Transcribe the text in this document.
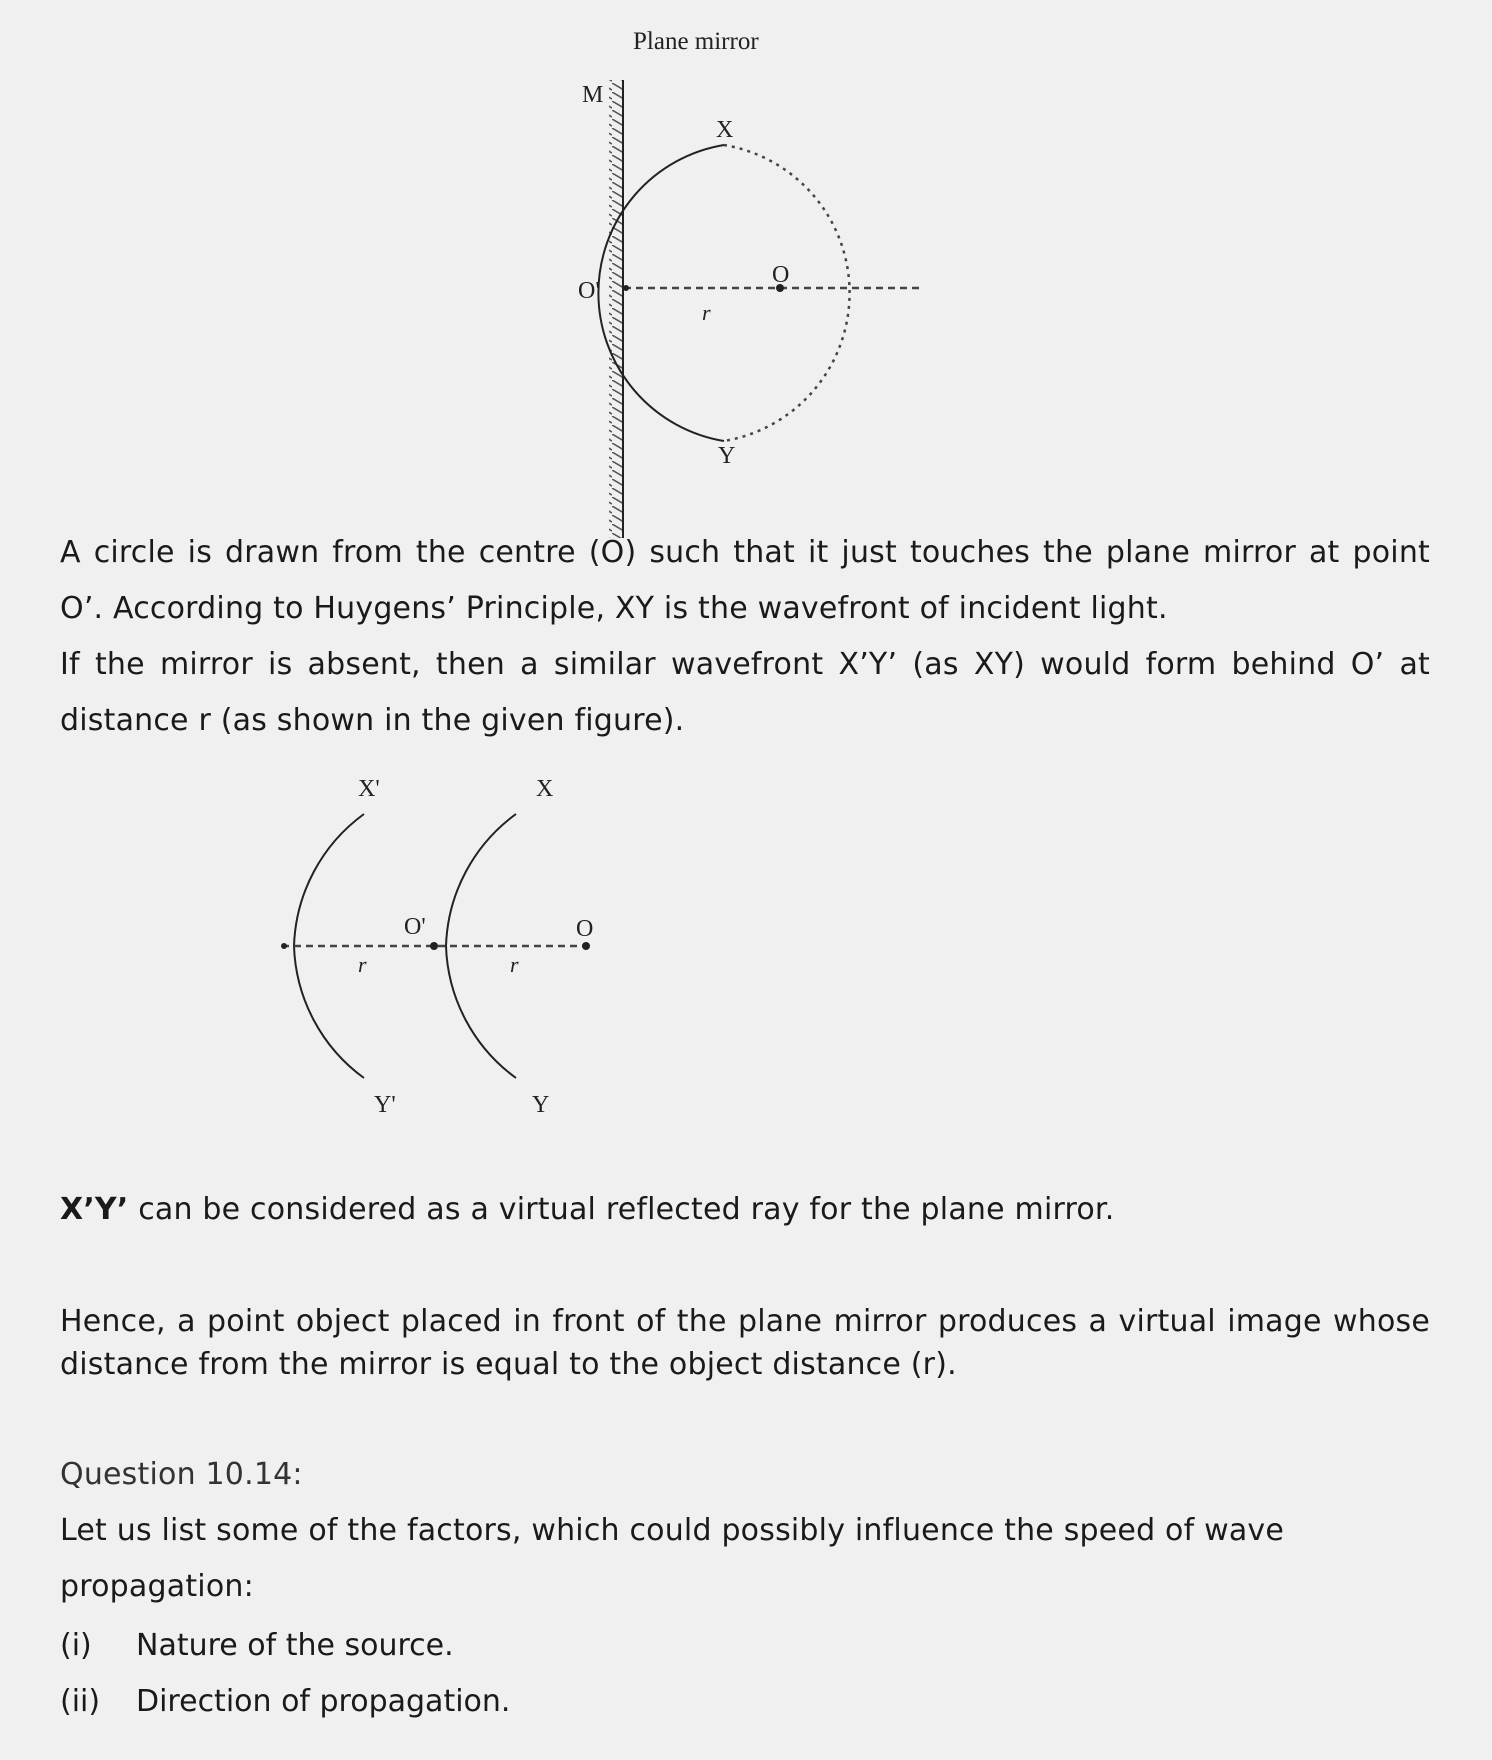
Plane mirror
M
X
O
O'
r
Y

A circle is drawn from the centre (O) such that it just touches the plane mirror at point

O’. According to Huygens’ Principle, XY is the wavefront of incident light.

If the mirror is absent, then a similar wavefront X’Y’ (as XY) would form behind O’ at

distance r (as shown in the given figure).

X'	X
O'	O
r	r
Y'	Y

X’Y’ can be considered as a virtual reflected ray for the plane mirror.

Hence, a point object placed in front of the plane mirror produces a virtual image whose

distance from the mirror is equal to the object distance (r).

Question 10.14:

Let us list some of the factors, which could possibly influence the speed of wave

propagation:

(i) Nature of the source.
(ii) Direction of propagation.
